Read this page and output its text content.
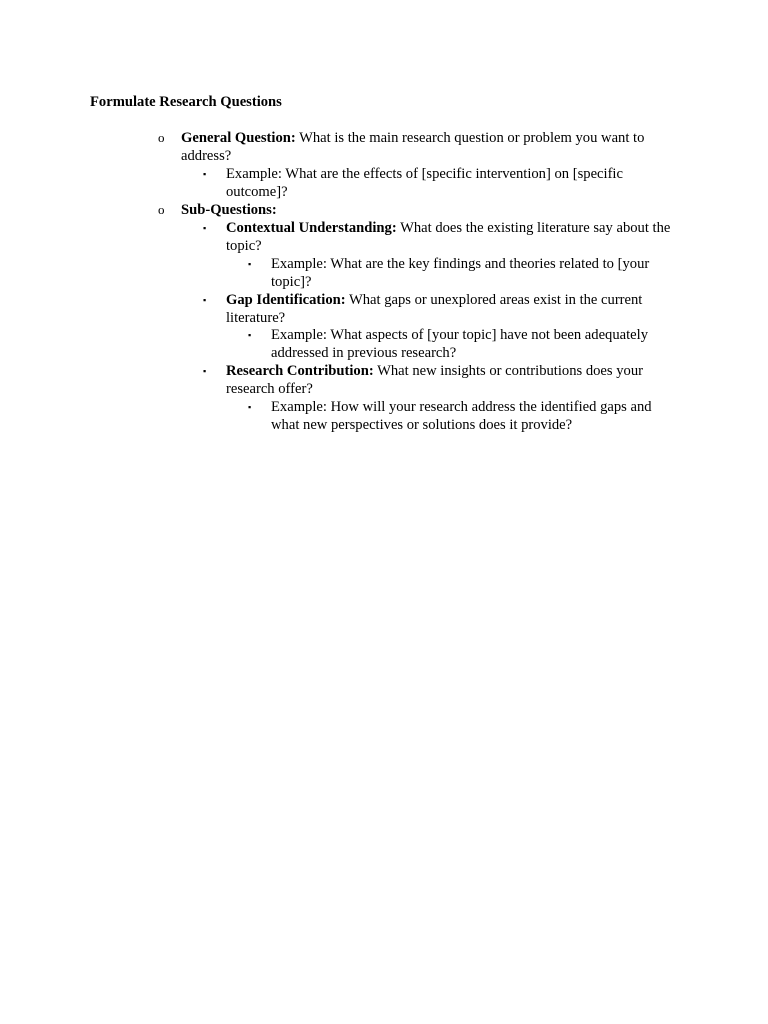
Formulate Research Questions
o General Question: What is the main research question or problem you want to address?
▪ Example: What are the effects of [specific intervention] on [specific outcome]?
o Sub-Questions:
▪ Contextual Understanding: What does the existing literature say about the topic?
▪ Example: What are the key findings and theories related to [your topic]?
▪ Gap Identification: What gaps or unexplored areas exist in the current literature?
▪ Example: What aspects of [your topic] have not been adequately addressed in previous research?
▪ Research Contribution: What new insights or contributions does your research offer?
▪ Example: How will your research address the identified gaps and what new perspectives or solutions does it provide?
